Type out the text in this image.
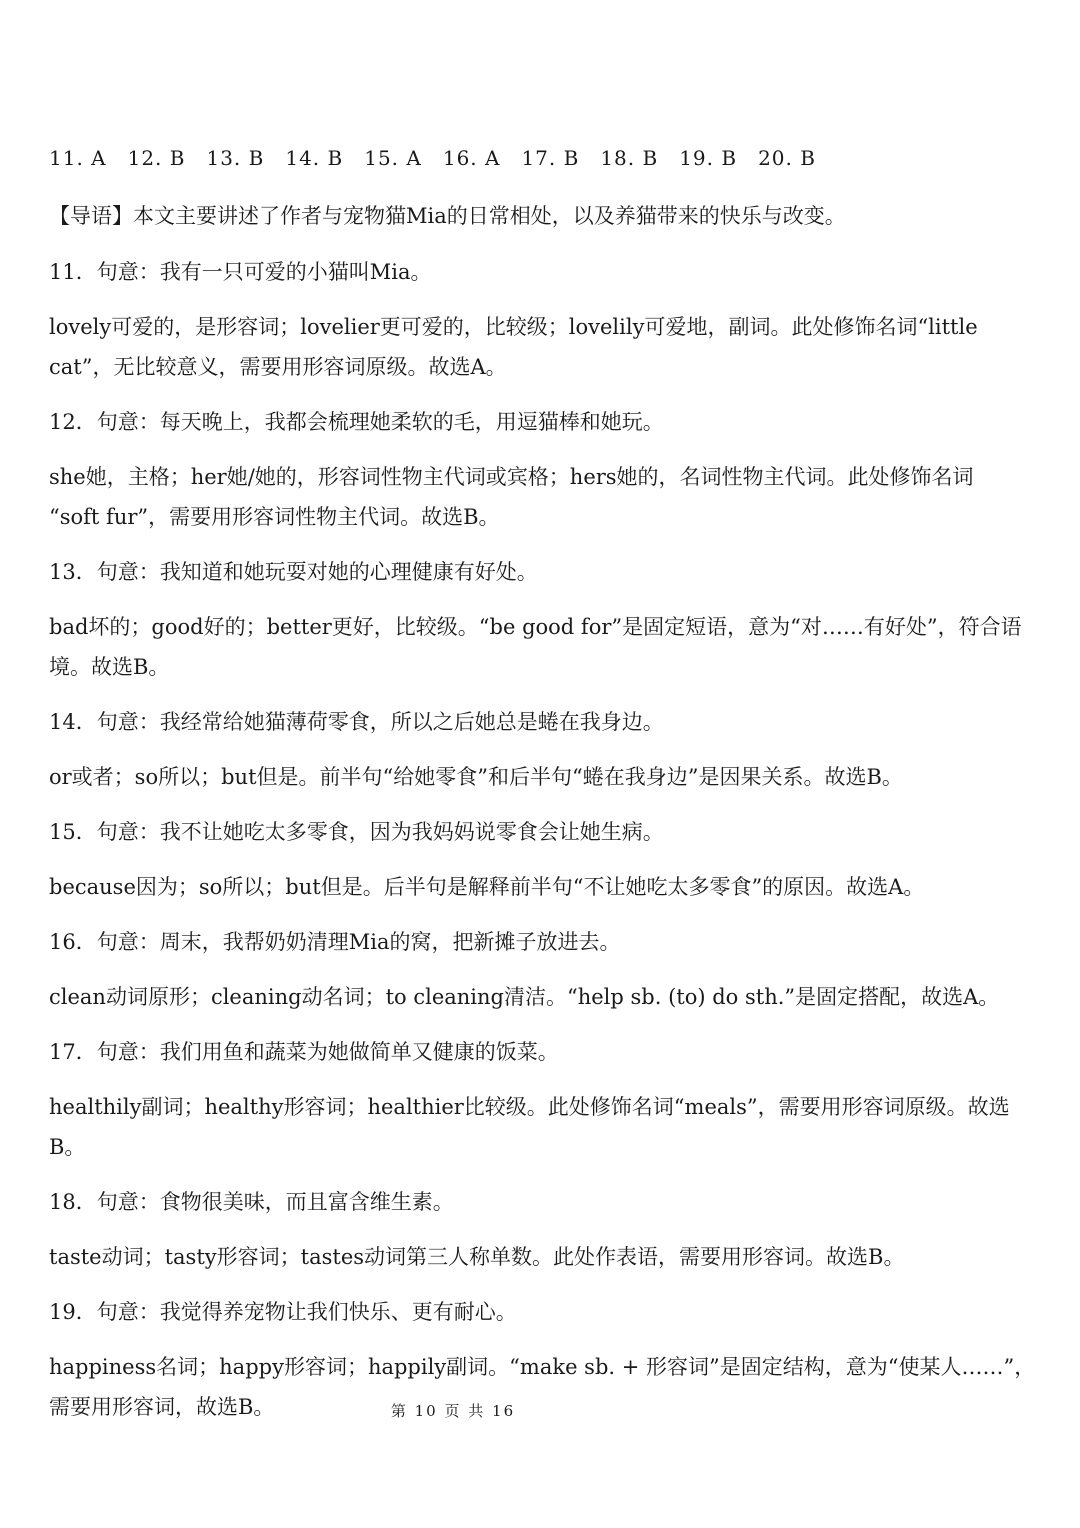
11. A 12. B 13. B 14. B 15. A 16. A 17. B 18. B 19. B 20. B
【导语】本文主要讲述了作者与宠物猫Mia的日常相处，以及养猫带来的快乐与改变。
11．句意：我有一只可爱的小猫叫Mia。
lovely可爱的，是形容词；lovelier更可爱的，比较级；lovelily可爱地，副词。此处修饰名词“little
cat”，无比较意义，需要用形容词原级。故选A。
12．句意：每天晚上，我都会梳理她柔软的毛，用逗猫棒和她玩。
she她，主格；her她/她的，形容词性物主代词或宾格；hers她的，名词性物主代词。此处修饰名词
“soft fur”，需要用形容词性物主代词。故选B。
13．句意：我知道和她玩耍对她的心理健康有好处。
bad坏的；good好的；better更好，比较级。“be good for”是固定短语，意为“对……有好处”，符合语
境。故选B。
14．句意：我经常给她猫薄荷零食，所以之后她总是蜷在我身边。
or或者；so所以；but但是。前半句“给她零食”和后半句“蜷在我身边”是因果关系。故选B。
15．句意：我不让她吃太多零食，因为我妈妈说零食会让她生病。
because因为；so所以；but但是。后半句是解释前半句“不让她吃太多零食”的原因。故选A。
16．句意：周末，我帮奶奶清理Mia的窝，把新摊子放进去。
clean动词原形；cleaning动名词；to cleaning清洁。“help sb. (to) do sth.”是固定搭配，故选A。
17．句意：我们用鱼和蔬菜为她做简单又健康的饭菜。
healthily副词；healthy形容词；healthier比较级。此处修饰名词“meals”，需要用形容词原级。故选
B。
18．句意：食物很美味，而且富含维生素。
taste动词；tasty形容词；tastes动词第三人称单数。此处作表语，需要用形容词。故选B。
19．句意：我觉得养宠物让我们快乐、更有耐心。
happiness名词；happy形容词；happily副词。“make sb. + 形容词”是固定结构，意为“使某人……”，
需要用形容词，故选B。	第 10 页 共 16
